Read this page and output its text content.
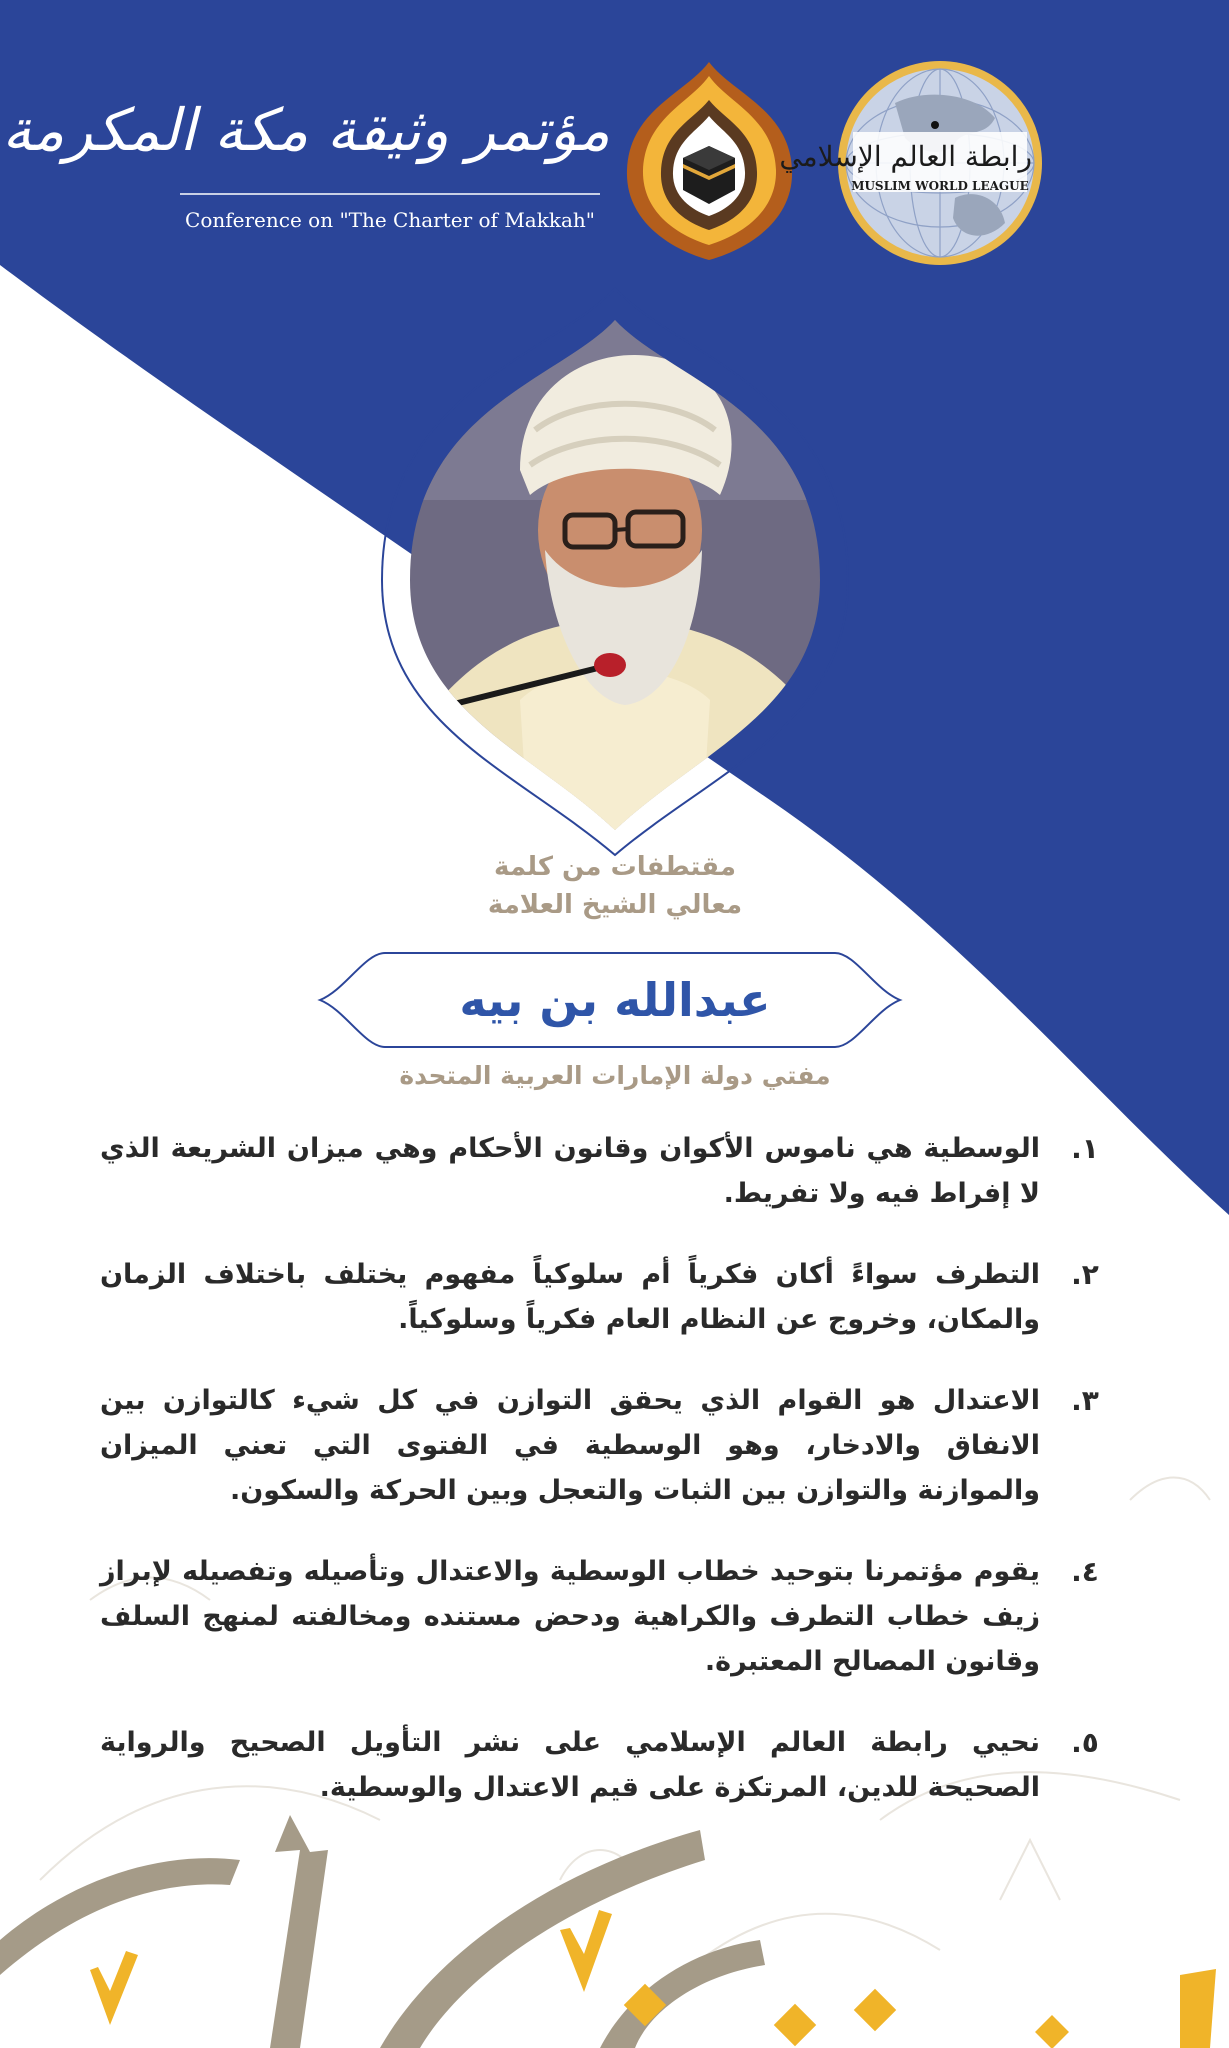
مؤتمر وثيقة مكة المكرمة
Conference on "The Charter of Makkah"
رابطة العالم الإسلامي
MUSLIM WORLD LEAGUE
مقتطفات من كلمة
معالي الشيخ العلامة
عبدالله بن بيه
مفتي دولة الإمارات العربية المتحدة
١.
الوسطية هي ناموس الأكوان وقانون الأحكام وهي ميزان الشريعة الذي لا إفراط فيه ولا تفريط.
٢.
التطرف سواءً أكان فكرياً أم سلوكياً مفهوم يختلف باختلاف الزمان والمكان، وخروج عن النظام العام فكرياً وسلوكياً.
٣.
الاعتدال هو القوام الذي يحقق التوازن في كل شيء كالتوازن بين الانفاق والادخار، وهو الوسطية في الفتوى التي تعني الميزان والموازنة والتوازن بين الثبات والتعجل وبين الحركة والسكون.
٤.
يقوم مؤتمرنا بتوحيد خطاب الوسطية والاعتدال وتأصيله وتفصيله لإبراز زيف خطاب التطرف والكراهية ودحض مستنده ومخالفته لمنهج السلف وقانون المصالح المعتبرة.
٥.
نحيي رابطة العالم الإسلامي على نشر التأويل الصحيح والرواية الصحيحة للدين، المرتكزة على قيم الاعتدال والوسطية.
